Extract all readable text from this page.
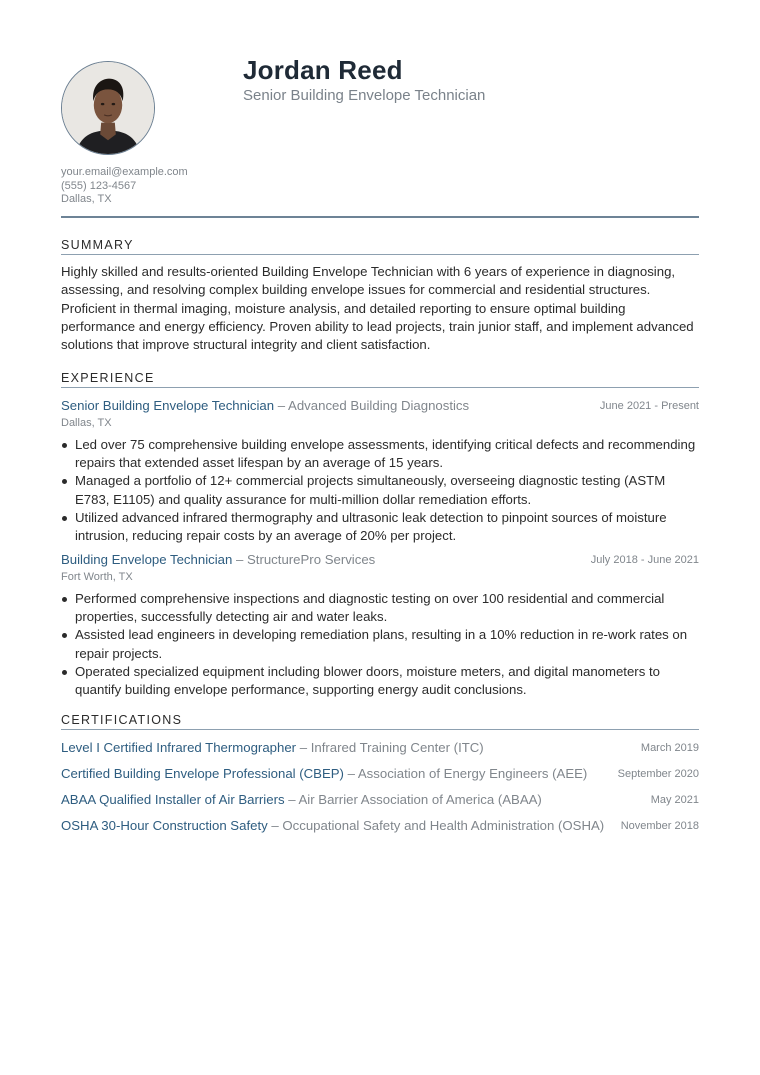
Jordan Reed
Senior Building Envelope Technician
your.email@example.com
(555) 123-4567
Dallas, TX
SUMMARY
Highly skilled and results-oriented Building Envelope Technician with 6 years of experience in diagnosing, assessing, and resolving complex building envelope issues for commercial and residential structures. Proficient in thermal imaging, moisture analysis, and detailed reporting to ensure optimal building performance and energy efficiency. Proven ability to lead projects, train junior staff, and implement advanced solutions that improve structural integrity and client satisfaction.
EXPERIENCE
Senior Building Envelope Technician – Advanced Building Diagnostics	June 2021 - Present
Dallas, TX
Led over 75 comprehensive building envelope assessments, identifying critical defects and recommending repairs that extended asset lifespan by an average of 15 years.
Managed a portfolio of 12+ commercial projects simultaneously, overseeing diagnostic testing (ASTM E783, E1105) and quality assurance for multi-million dollar remediation efforts.
Utilized advanced infrared thermography and ultrasonic leak detection to pinpoint sources of moisture intrusion, reducing repair costs by an average of 20% per project.
Building Envelope Technician – StructurePro Services	July 2018 - June 2021
Fort Worth, TX
Performed comprehensive inspections and diagnostic testing on over 100 residential and commercial properties, successfully detecting air and water leaks.
Assisted lead engineers in developing remediation plans, resulting in a 10% reduction in re-work rates on repair projects.
Operated specialized equipment including blower doors, moisture meters, and digital manometers to quantify building envelope performance, supporting energy audit conclusions.
CERTIFICATIONS
Level I Certified Infrared Thermographer – Infrared Training Center (ITC)	March 2019
Certified Building Envelope Professional (CBEP) – Association of Energy Engineers (AEE)	September 2020
ABAA Qualified Installer of Air Barriers – Air Barrier Association of America (ABAA)	May 2021
OSHA 30-Hour Construction Safety – Occupational Safety and Health Administration (OSHA) November 2018
